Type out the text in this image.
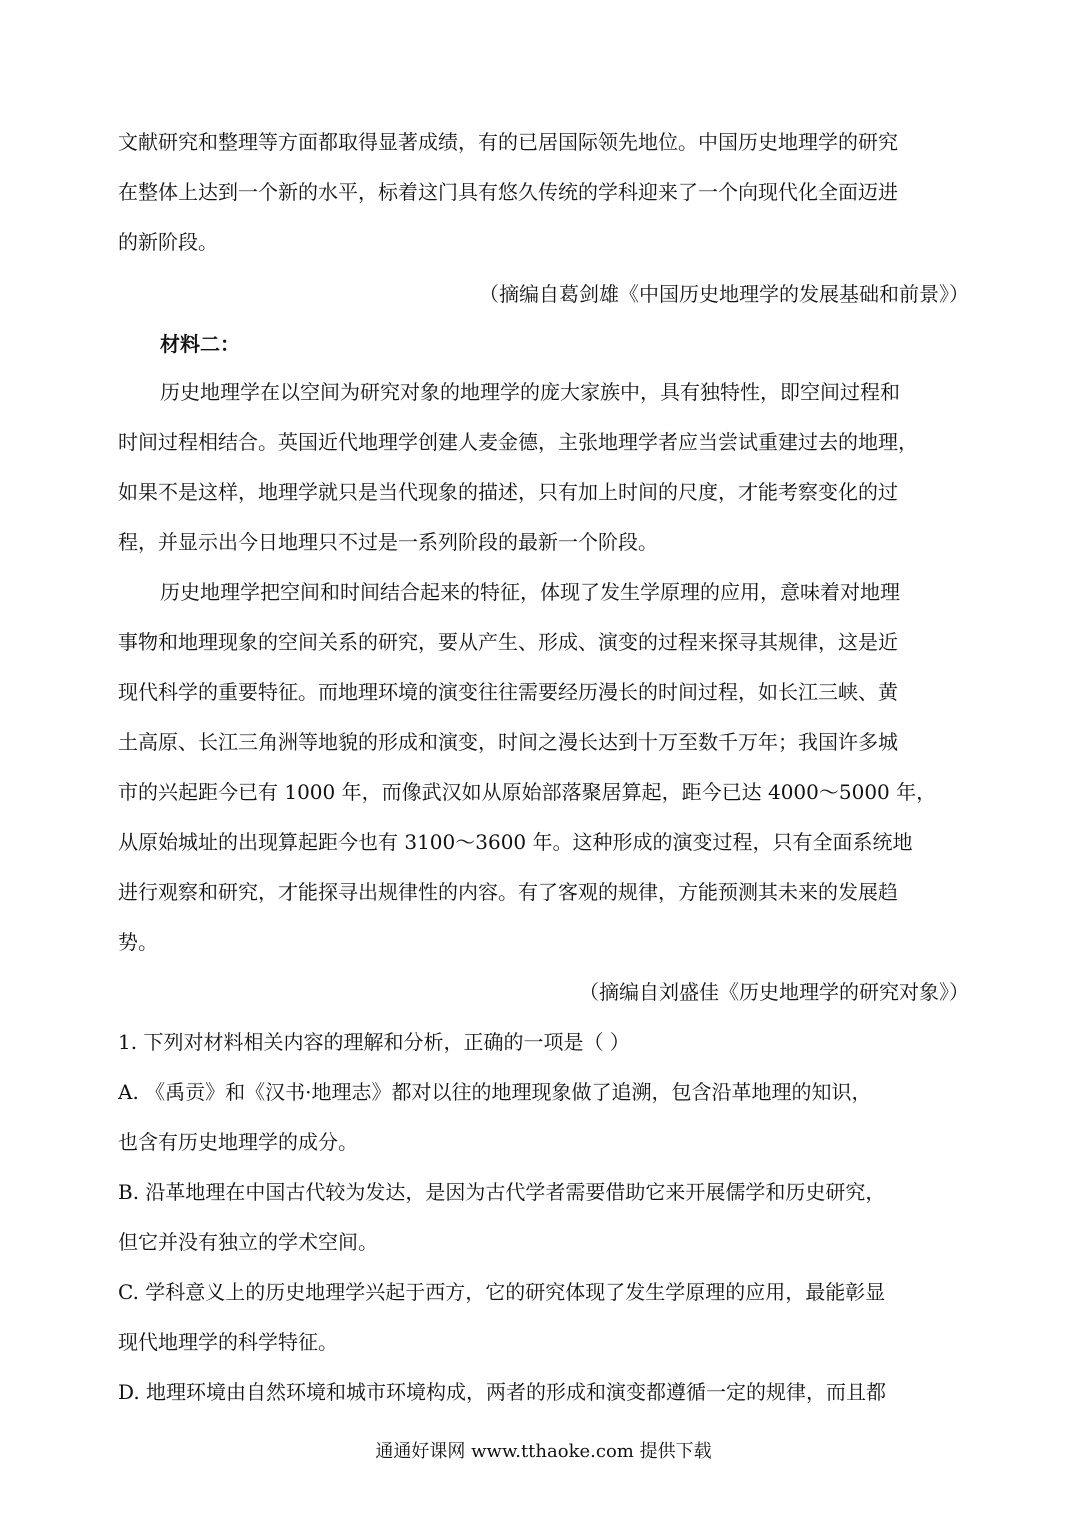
文献研究和整理等方面都取得显著成绩，有的已居国际领先地位。中国历史地理学的研究
在整体上达到一个新的水平，标着这门具有悠久传统的学科迎来了一个向现代化全面迈进
的新阶段。
（摘编自葛剑雄《中国历史地理学的发展基础和前景》）
材料二：
历史地理学在以空间为研究对象的地理学的庞大家族中，具有独特性，即空间过程和
时间过程相结合。英国近代地理学创建人麦金德，主张地理学者应当尝试重建过去的地理，
如果不是这样，地理学就只是当代现象的描述，只有加上时间的尺度，才能考察变化的过
程，并显示出今日地理只不过是一系列阶段的最新一个阶段。
历史地理学把空间和时间结合起来的特征，体现了发生学原理的应用，意味着对地理
事物和地理现象的空间关系的研究，要从产生、形成、演变的过程来探寻其规律，这是近
现代科学的重要特征。而地理环境的演变往往需要经历漫长的时间过程，如长江三峡、黄
土高原、长江三角洲等地貌的形成和演变，时间之漫长达到十万至数千万年；我国许多城
市的兴起距今已有 1000 年，而像武汉如从原始部落聚居算起，距今已达 4000～5000 年，
从原始城址的出现算起距今也有 3100～3600 年。这种形成的演变过程，只有全面系统地
进行观察和研究，才能探寻出规律性的内容。有了客观的规律，方能预测其未来的发展趋
势。
（摘编自刘盛佳《历史地理学的研究对象》）
1. 下列对材料相关内容的理解和分析，正确的一项是（ ）
A. 《禹贡》和《汉书·地理志》都对以往的地理现象做了追溯，包含沿革地理的知识，
也含有历史地理学的成分。
B. 沿革地理在中国古代较为发达，是因为古代学者需要借助它来开展儒学和历史研究，
但它并没有独立的学术空间。
C. 学科意义上的历史地理学兴起于西方，它的研究体现了发生学原理的应用，最能彰显
现代地理学的科学特征。
D. 地理环境由自然环境和城市环境构成，两者的形成和演变都遵循一定的规律，而且都
通通好课网 www.tthaoke.com 提供下载
